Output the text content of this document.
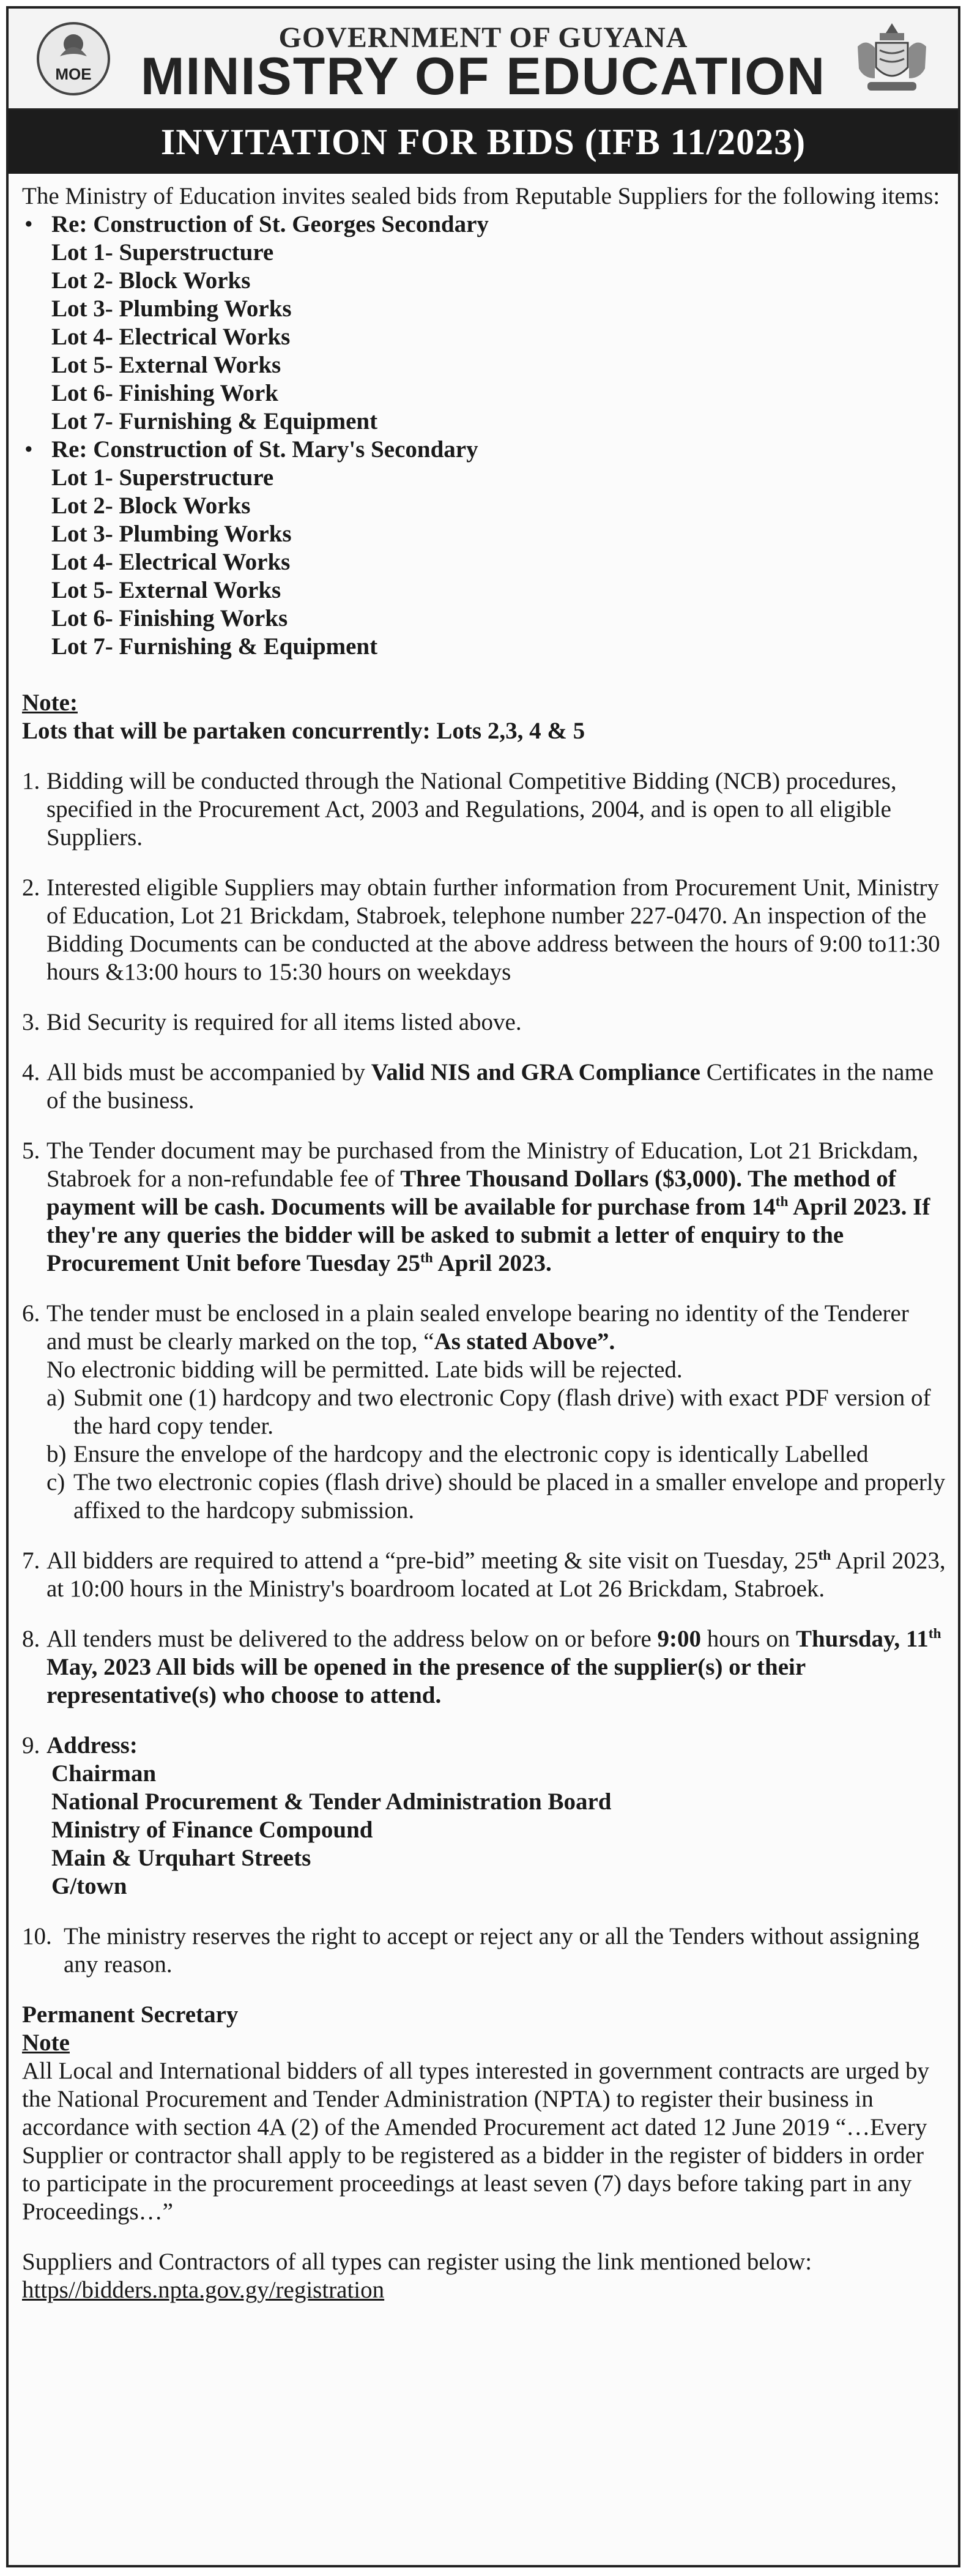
MOE
GOVERNMENT OF GUYANA
MINISTRY OF EDUCATION
INVITATION FOR BIDS (IFB 11/2023)

The Ministry of Education invites sealed bids from Reputable Suppliers for the following items:

• Re: Construction of St. Georges Secondary
Lot 1- Superstructure
Lot 2- Block Works
Lot 3- Plumbing Works
Lot 4- Electrical Works
Lot 5- External Works
Lot 6- Finishing Work
Lot 7- Furnishing & Equipment
• Re: Construction of St. Mary's Secondary
Lot 1- Superstructure
Lot 2- Block Works
Lot 3- Plumbing Works
Lot 4- Electrical Works
Lot 5- External Works
Lot 6- Finishing Works
Lot 7- Furnishing & Equipment

Note:

Lots that will be partaken concurrently: Lots 2,3, 4 & 5

1. Bidding will be conducted through the National Competitive Bidding (NCB) procedures, specified in the Procurement Act, 2003 and Regulations, 2004, and is open to all eligible Suppliers.
2. Interested eligible Suppliers may obtain further information from Procurement Unit, Ministry of Education, Lot 21 Brickdam, Stabroek, telephone number 227-0470. An inspection of the Bidding Documents can be conducted at the above address between the hours of 9:00 to11:30 hours &13:00 hours to 15:30 hours on weekdays
3. Bid Security is required for all items listed above.
4. All bids must be accompanied by Valid NIS and GRA Compliance Certificates in the name of the business.
5. The Tender document may be purchased from the Ministry of Education, Lot 21 Brickdam, Stabroek for a non-refundable fee of Three Thousand Dollars ($3,000). The method of payment will be cash. Documents will be available for purchase from 14th April 2023. If they're any queries the bidder will be asked to submit a letter of enquiry to the Procurement Unit before Tuesday 25th April 2023.
6. The tender must be enclosed in a plain sealed envelope bearing no identity of the Tenderer and must be clearly marked on the top, “As stated Above”.
No electronic bidding will be permitted. Late bids will be rejected.
a) Submit one (1) hardcopy and two electronic Copy (flash drive) with exact PDF version of the hard copy tender.
b) Ensure the envelope of the hardcopy and the electronic copy is identically Labelled
c) The two electronic copies (flash drive) should be placed in a smaller envelope and properly affixed to the hardcopy submission.
7. All bidders are required to attend a “pre-bid” meeting & site visit on Tuesday, 25th April 2023, at 10:00 hours in the Ministry's boardroom located at Lot 26 Brickdam, Stabroek.
8. All tenders must be delivered to the address below on or before 9:00 hours on Thursday, 11th May, 2023 All bids will be opened in the presence of the supplier(s) or their representative(s) who choose to attend.
9. Address:
Chairman
National Procurement & Tender Administration Board
Ministry of Finance Compound
Main & Urquhart Streets
G/town
10. The ministry reserves the right to accept or reject any or all the Tenders without assigning any reason.

Permanent Secretary

Note

All Local and International bidders of all types interested in government contracts are urged by the National Procurement and Tender Administration (NPTA) to register their business in accordance with section 4A (2) of the Amended Procurement act dated 12 June 2019 “…Every Supplier or contractor shall apply to be registered as a bidder in the register of bidders in order to participate in the procurement proceedings at least seven (7) days before taking part in any Proceedings…”

Suppliers and Contractors of all types can register using the link mentioned below: https//bidders.npta.gov.gy/registration
